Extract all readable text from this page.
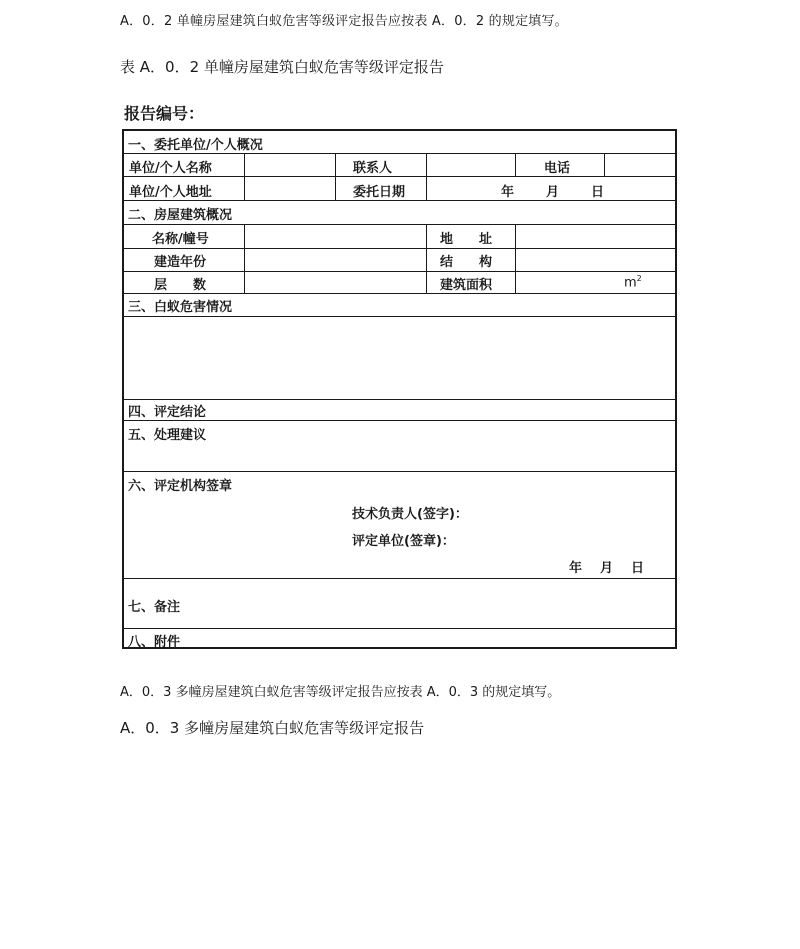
A．0．2 单幢房屋建筑白蚁危害等级评定报告应按表 A．0．2 的规定填写。
表 A．0．2 单幢房屋建筑白蚁危害等级评定报告
报告编号：
一、委托单位/个人概况
单位/个人名称	联系人	电话
单位/个人地址	委托日期	年 月 日
二、房屋建筑概况
名称/幢号	地　　址
建造年份	结　　构
层　　数	建筑面积	$m^2$
三、白蚁危害情况
四、评定结论
五、处理建议
六、评定机构签章
技术负责人(签字)：
评定单位(签章)：
年 月 日
七、备注
八、附件
A．0．3 多幢房屋建筑白蚁危害等级评定报告应按表 A．0．3 的规定填写。
A．0．3 多幢房屋建筑白蚁危害等级评定报告
